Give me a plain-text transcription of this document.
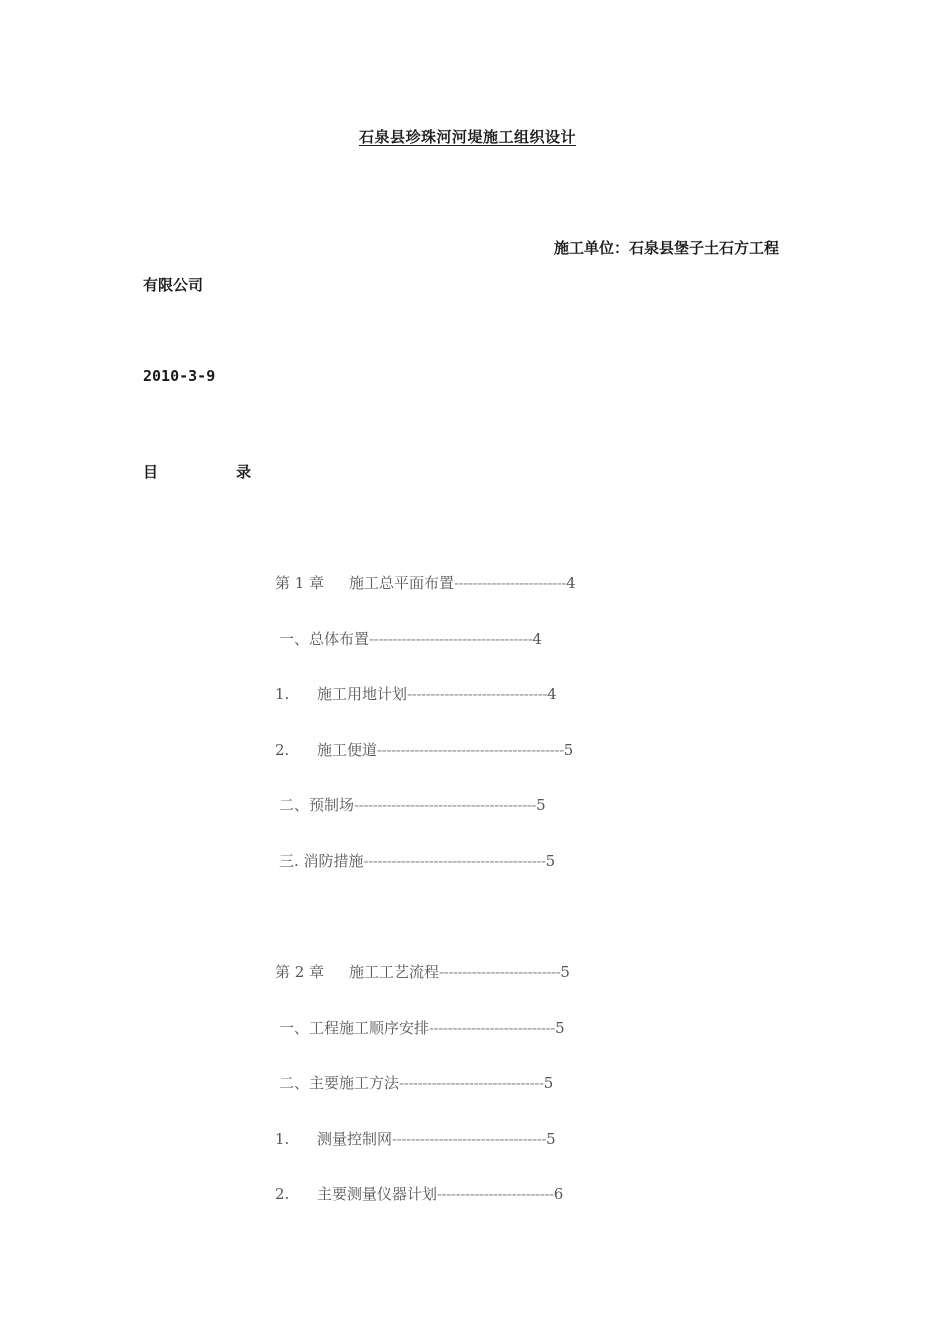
石泉县珍珠河河堤施工组织设计
施工单位：石泉县堡子土石方工程
有限公司
2010-3-9
目	录
第 1 章 施工总平面布置------------------------4
一、总体布置-----------------------------------4
1. 施工用地计划------------------------------4
2. 施工便道----------------------------------------5
二、预制场---------------------------------------5
三. 消防措施---------------------------------------5
第 2 章 施工工艺流程--------------------------5
一、工程施工顺序安排---------------------------5
二、主要施工方法-------------------------------5
1. 测量控制网---------------------------------5
2. 主要测量仪器计划-------------------------6
